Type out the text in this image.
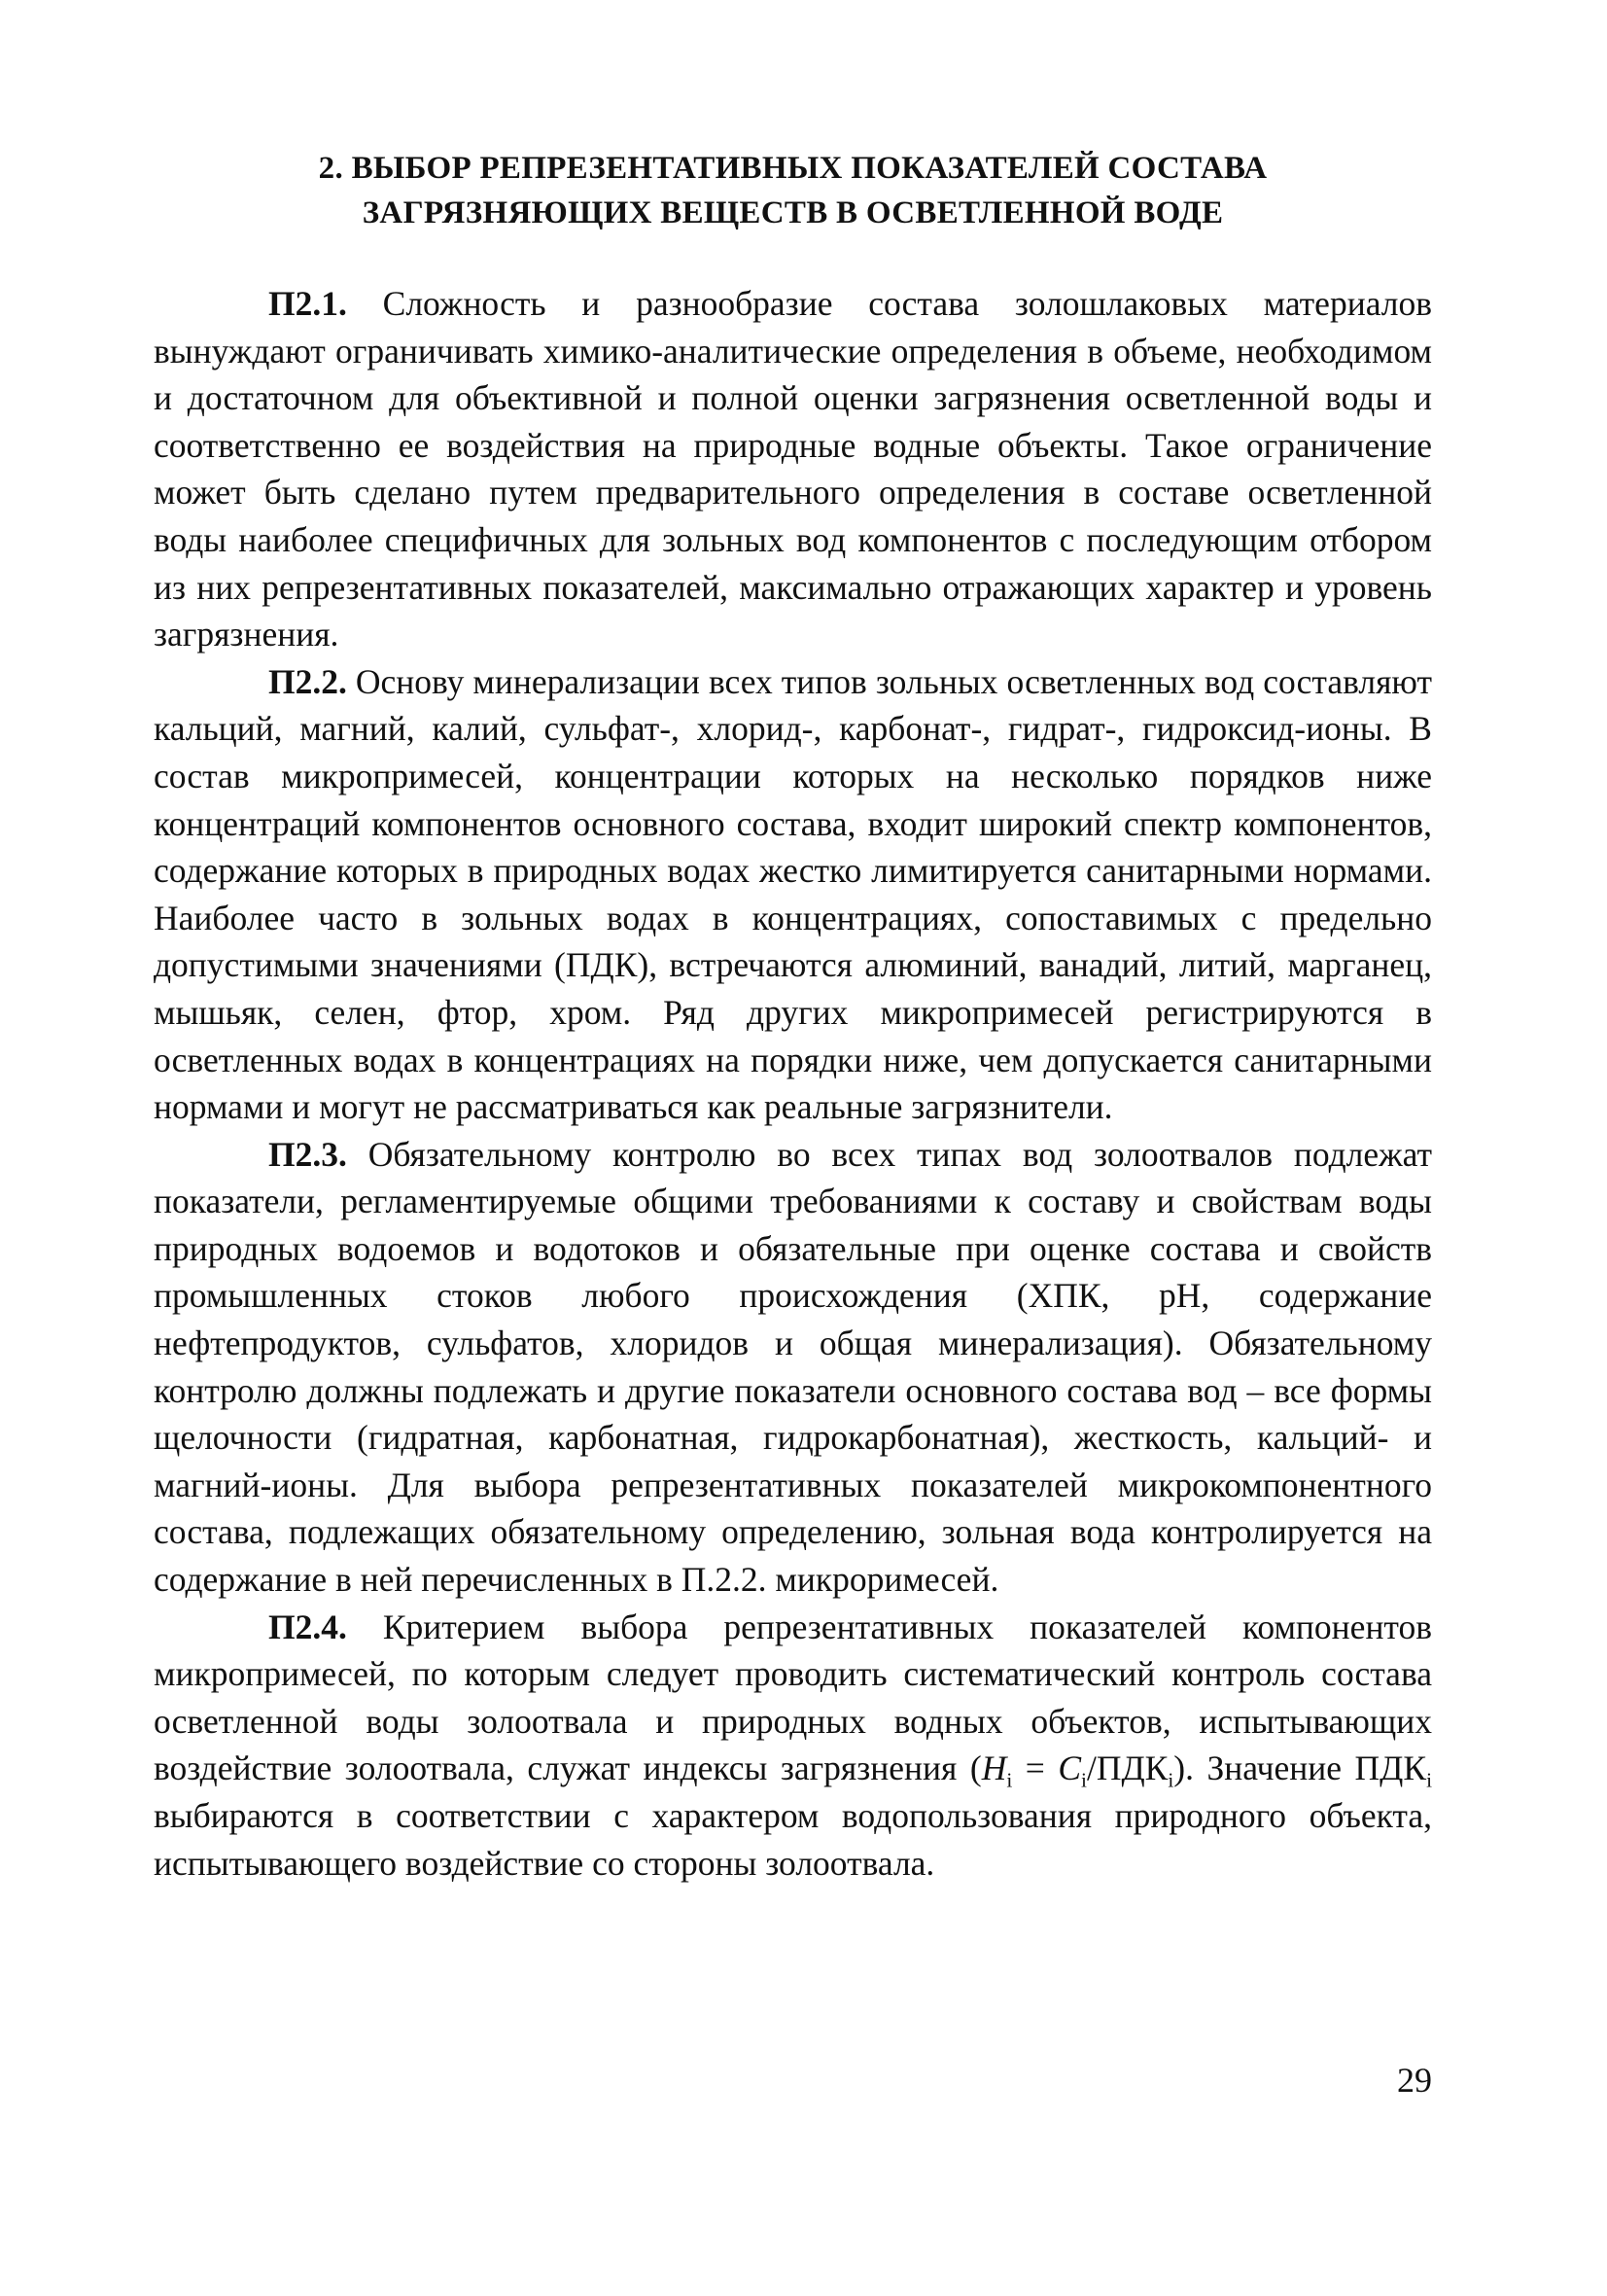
2. ВЫБОР РЕПРЕЗЕНТАТИВНЫХ ПОКАЗАТЕЛЕЙ СОСТАВА
ЗАГРЯЗНЯЮЩИХ ВЕЩЕСТВ В ОСВЕТЛЕННОЙ ВОДЕ

П2.1. Сложность и разнообразие состава золошлаковых материалов вынуждают ограничивать химико-аналитические определения в объеме, необходимом и достаточном для объективной и полной оценки загрязнения осветленной воды и соответственно ее воздействия на природные водные объекты. Такое ограничение может быть сделано путем предварительного определения в составе осветленной воды наиболее специфичных для зольных вод компонентов с последующим отбором из них репрезентативных показателей, максимально отражающих характер и уровень загрязнения.

П2.2. Основу минерализации всех типов зольных осветленных вод составляют кальций, магний, калий, сульфат-, хлорид-, карбонат-, гидрат-, гидроксид-ионы. В состав микропримесей, концентрации которых на несколько порядков ниже концентраций компонентов основного состава, входит широкий спектр компонентов, содержание которых в природных водах жестко лимитируется санитарными нормами. Наиболее часто в зольных водах в концентрациях, сопоставимых с предельно допустимыми значениями (ПДК), встречаются алюминий, ванадий, литий, марганец, мышьяк, селен, фтор, хром. Ряд других микропримесей регистрируются в осветленных водах в концентрациях на порядки ниже, чем допускается санитарными нормами и могут не рассматриваться как реальные загрязнители.

П2.3. Обязательному контролю во всех типах вод золоотвалов подлежат показатели, регламентируемые общими требованиями к составу и свойствам воды природных водоемов и водотоков и обязательные при оценке состава и свойств промышленных стоков любого происхождения (ХПК, pH, содержание нефтепродуктов, сульфатов, хлоридов и общая минерализация). Обязательному контролю должны подлежать и другие показатели основного состава вод – все формы щелочности (гидратная, карбонатная, гидрокарбонатная), жесткость, кальций- и магний-ионы. Для выбора репрезентативных показателей микрокомпонентного состава, подлежащих обязательному определению, зольная вода контролируется на содержание в ней перечисленных в П.2.2. микроримесей.

П2.4. Критерием выбора репрезентативных показателей компонентов микропримесей, по которым следует проводить систематический контроль состава осветленной воды золоотвала и природных водных объектов, испытывающих воздействие золоотвала, служат индексы загрязнения $(H_i = C_i/ПДК_i)$. Значение $ПДК_i$ выбираются в соответствии с характером водопользования природного объекта, испытывающего воздействие со стороны золоотвала.

29
